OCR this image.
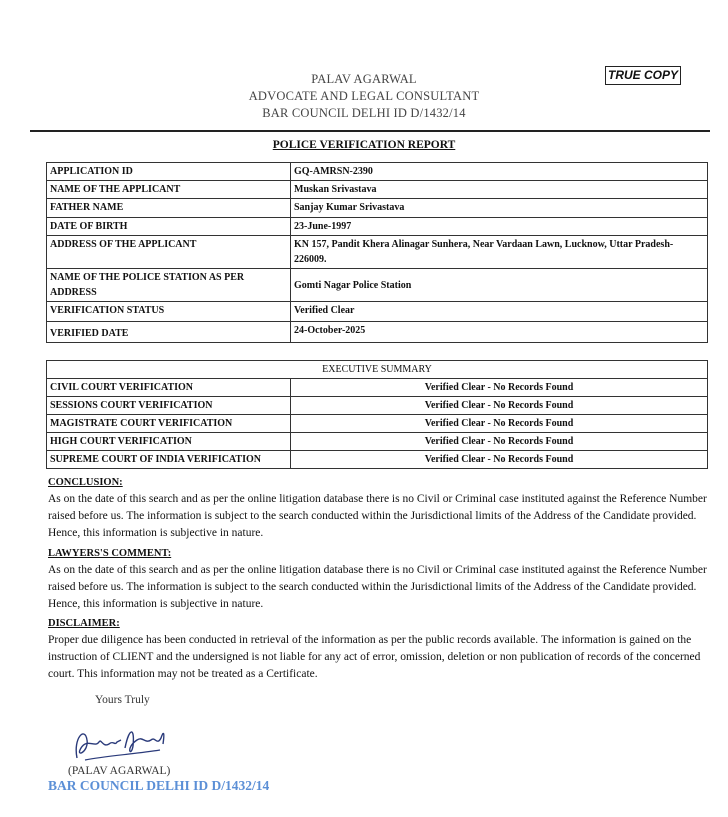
PALAV AGARWAL
ADVOCATE AND LEGAL CONSULTANT
BAR COUNCIL DELHI ID D/1432/14
TRUE COPY
POLICE VERIFICATION REPORT
APPLICATION ID	GQ-AMRSN-2390
NAME OF THE APPLICANT	Muskan Srivastava
FATHER NAME	Sanjay Kumar Srivastava
DATE OF BIRTH	23-June-1997
ADDRESS OF THE APPLICANT	KN 157, Pandit Khera Alinagar Sunhera, Near Vardaan Lawn, Lucknow, Uttar Pradesh-226009.
NAME OF THE POLICE STATION AS PER ADDRESS	Gomti Nagar Police Station
VERIFICATION STATUS	Verified Clear
VERIFIED DATE	24-October-2025
EXECUTIVE SUMMARY	
CIVIL COURT VERIFICATION	Verified Clear - No Records Found
SESSIONS COURT VERIFICATION	Verified Clear - No Records Found
MAGISTRATE COURT VERIFICATION	Verified Clear - No Records Found
HIGH COURT VERIFICATION	Verified Clear - No Records Found
SUPREME COURT OF INDIA VERIFICATION	Verified Clear - No Records Found
CONCLUSION:

As on the date of this search and as per the online litigation database there is no Civil or Criminal case instituted against the Reference Number raised before us. The information is subject to the search conducted within the Jurisdictional limits of the Address of the Candidate provided. Hence, this information is subjective in nature.

LAWYERS'S COMMENT:

As on the date of this search and as per the online litigation database there is no Civil or Criminal case instituted against the Reference Number raised before us. The information is subject to the search conducted within the Jurisdictional limits of the Address of the Candidate provided. Hence, this information is subjective in nature.

DISCLAIMER:

Proper due diligence has been conducted in retrieval of the information as per the public records available. The information is gained on the instruction of CLIENT and the undersigned is not liable for any act of error, omission, deletion or non publication of records of the concerned court. This information may not be treated as a Certificate.

Yours Truly
(PALAV AGARWAL)
BAR COUNCIL DELHI ID D/1432/14
